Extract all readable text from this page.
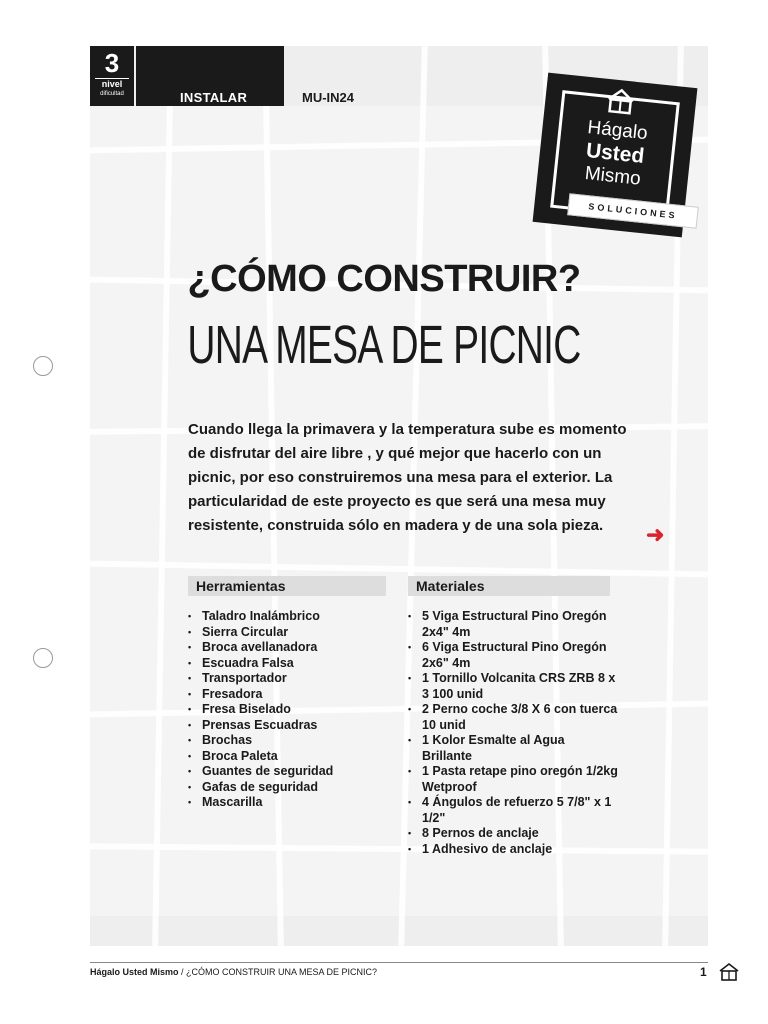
3
nivel
dificultad	INSTALAR	MU-IN24
Hágalo
Usted
Mismo
SOLUCIONES
¿CÓMO CONSTRUIR?
UNA MESA DE PICNIC
Cuando llega la primavera y la temperatura sube es momento de disfrutar del aire libre , y qué mejor que hacerlo con un picnic, por eso construiremos una mesa para el exterior. La particularidad de este proyecto es que será una mesa muy resistente, construida sólo en madera y de una sola pieza.	➜
Herramientas	Materiales
• Taladro Inalámbrico
• Sierra Circular
• Broca avellanadora
• Escuadra Falsa
• Transportador
• Fresadora
• Fresa Biselado
• Prensas Escuadras
• Brochas
• Broca Paleta
• Guantes de seguridad
• Gafas de seguridad
• Mascarilla
• 5 Viga Estructural Pino Oregón 2x4" 4m
• 6 Viga Estructural Pino Oregón 2x6" 4m
• 1 Tornillo Volcanita CRS ZRB 8 x 3 100 unid
• 2 Perno coche 3/8 X 6 con tuerca 10 unid
• 1 Kolor Esmalte al Agua Brillante
• 1 Pasta retape pino oregón 1/2kg Wetproof
• 4 Ángulos de refuerzo 5 7/8" x 1 1/2"
• 8 Pernos de anclaje
• 1 Adhesivo de anclaje
Hágalo Usted Mismo / ¿CÓMO CONSTRUIR UNA MESA DE PICNIC?	1
